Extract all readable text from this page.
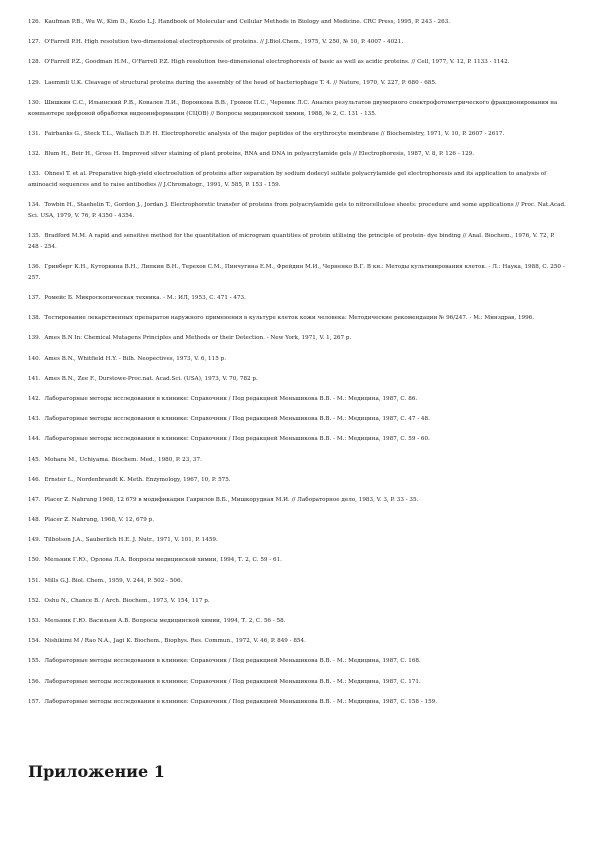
126. Kaufman P.B., Wu W., Kim D., Kozlo L.J. Handbook of Molecular and Cellular Methods in Biology and Medicine. CRC Press, 1995, P. 243 - 263.

127. O'Farrell P.H. High resolution two-dimensional electrophoresis of proteins. // J.Biol.Chem., 1975, V. 250, № 10, P. 4007 - 4021.

128. O'Farrell P.Z., Goodman H.M., O'Farrell P.Z. High resolution two-dimensional electrophoresis of basic as well as acidic proteins. // Cell, 1977, V. 12, P. 1133 - 1142.

129. Laemmli U.K. Cleavage of structural proteins during the assembly of the head of bacteriophage T. 4. // Nature, 1970, V. 227, P. 680 - 685.

130. Шишкин С.С., Ильинский Р.В., Ковалев Л.И., Воронкова В.В., Громов П.С., Черевик Л.С. Анализ результатов двумерного спектрофотометрического фракционирования на компьютере цифровой обработки видеоинформации (СЦОВ) // Вопросы медицинской химии, 1988, № 2, С. 131 - 135.

131. Fairbanks G., Steck T.L., Wallach D.F. H. Electrophoretic analysis of the major peptides of the erythrocyte membrane // Biochemistry, 1971, V. 10, P. 2607 - 2617.

132. Blum H., Beir H., Gross H. Improved silver staining of plant proteins, RNA and DNA in polyacrylamide gels // Electrophoresis, 1987, V. 8, P. 126 - 129.

133. Ohnesl T. et al. Preparative high-yield electroelution of proteins after separation by sodium dodecyl sulfate polyacrylamide gel electrophoresis and its application to analysis of aminoacid sequences and to raise antibodies // J.Chromatogr., 1991, V. 585, P. 153 - 159.

134. Towbin H., Staehelin T., Gordon J., Jordan J. Electrophoretic transfer of proteins from polyacrylamide gels to nitrocellulose sheets: procedure and some applications // Proc. Nat.Acad. Sci. USA, 1979, V. 76, P. 4350 - 4354.

135. Bradford M.M. A rapid and sensitive method for the quantitation of microgram quantities of protein utilising the principle of protein- dye binding // Anal. Biochem., 1976, V. 72, P. 248 - 254.

136. Гринберг К.Н., Куторкина В.Н., Липкин В.Н., Терехов С.М., Пинчугина Е.М., Фрейдин М.И., Черненко В.Г. В кн.: Методы культивирования клеток. - Л.: Наука, 1988, С. 250 - 257.

137. Ромейс Б. Микроскопическая техника. - М.: ИЛ, 1953, С. 471 - 473.

138. Тестирование лекарственных препаратов наружного применения в культуре клеток кожи человека: Методические рекомендации № 96/247. - М.: Минздрав, 1996.

139. Ames B.N In: Chemical Mutagens Principles and Methods or their Detection. - New York, 1971, V. 1, 267 p.

140. Ames B.N., Whitfield H.Y. - Bilh. Neopectives, 1973, V. 6, 115 p.

141. Ames B.N., Zee F., Durstowe-Proc.nat. Acad.Sci. (USA), 1973, V. 70, 782 p.

142. Лабораторные методы исследования в клинике: Справочник / Под редакцией Меньшикова В.В. - М.: Медицина, 1987, С. 86.

143. Лабораторные методы исследования в клинике: Справочник / Под редакцией Меньшикова В.В. - М.: Медицина, 1987, С. 47 - 48.

144. Лабораторные методы исследования в клинике: Справочник / Под редакцией Меньшикова В.В. - М.: Медицина, 1987, С. 59 - 60.

145. Mohara M., Uchiyama. Biochem. Med., 1980, P. 23, 37.

146. Ernster L., Nordenbrandt K. Meth. Enzymology, 1967, 10, P. 575.

147. Placer Z. Nahrung 1968, 12 679 в модификации Гаврилов В.Б., Мишкорудная М.И. // Лабораторное дело, 1983, V. 3, P. 33 - 35.

148. Placer Z. Nahrung, 1968, V. 12, 679 p.

149. Tilbotson J.A., Sauberlich H.E. J. Nutr., 1971, V. 101, P. 1459.

150. Мельник Г.Ю., Орлова Л.А. Вопросы медицинской химии, 1994, Т. 2, С. 59 - 61.

151. Mills G.J. Biol. Chem., 1959, V. 244, P. 502 - 506.

152. Oshu N., Chance B. / Arch. Biochem., 1973, V. 154, 117 p.

153. Мельник Г.Ю. Васильев А.В. Вопросы медицинской химии, 1994, Т. 2, С. 56 - 58.

154. Nishikimi M / Rao N.A., Jagi K. Biochem., Biophys. Res. Commun., 1972, V. 46, P. 849 - 854.

155. Лабораторные методы исследования в клинике: Справочник / Под редакцией Меньшикова В.В. - М.: Медицина, 1987, С. 168.

156. Лабораторные методы исследования в клинике: Справочник / Под редакцией Меньшикова В.В. - М.: Медицина, 1987, С. 171.

157. Лабораторные методы исследования в клинике: Справочник / Под редакцией Меньшикова В.В. - М.: Медицина, 1987, С. 158 - 159.

Приложение 1
